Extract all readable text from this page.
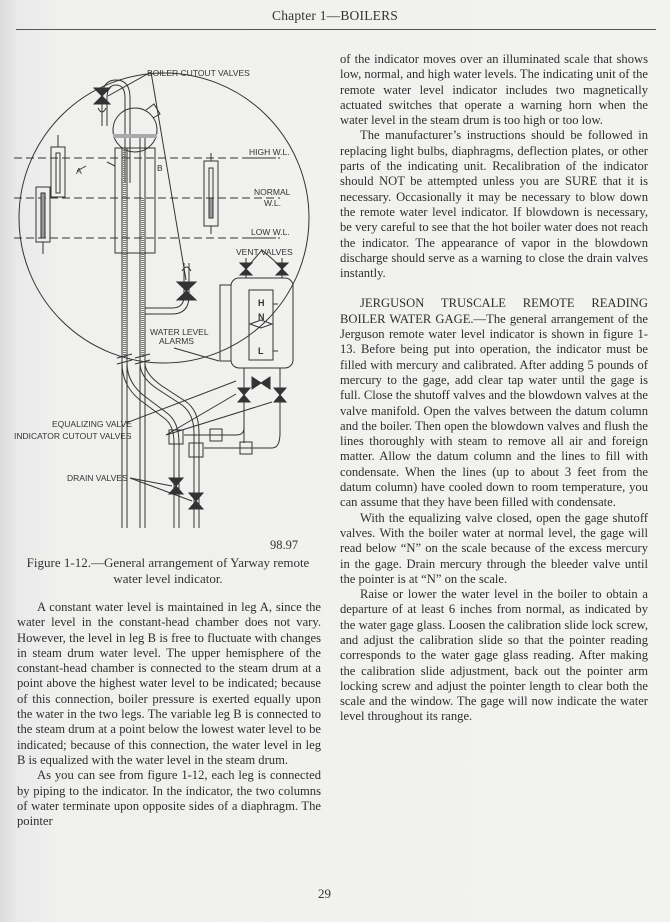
Chapter 1—BOILERS
BOILER CUTOUT VALVES
HIGH W.L.
NORMAL
W.L.
LOW W.L.
VENT VALVES
A	B
WATER LEVEL
ALARMS
H
N
L
EQUALIZING VALVE
INDICATOR CUTOUT VALVES
DRAIN VALVES
98.97
Figure 1-12.—General arrangement of Yarway remote water level indicator.

A constant water level is maintained in leg A, since the water level in the constant-head chamber does not vary. However, the level in leg B is free to fluctuate with changes in steam drum water level. The upper hemisphere of the constant-head chamber is connected to the steam drum at a point above the highest water level to be indicated; because of this connection, boiler pressure is exerted equally upon the water in the two legs. The variable leg B is connected to the steam drum at a point below the lowest water level to be indicated; because of this connection, the water level in leg B is equalized with the water level in the steam drum.

As you can see from figure 1-12, each leg is connected by piping to the indicator. In the indicator, the two columns of water terminate upon opposite sides of a diaphragm. The pointer

of the indicator moves over an illuminated scale that shows low, normal, and high water levels. The indicating unit of the remote water level indicator includes two magnetically actuated switches that operate a warning horn when the water level in the steam drum is too high or too low.

The manufacturer’s instructions should be followed in replacing light bulbs, diaphragms, deflection plates, or other parts of the indicating unit. Recalibration of the indicator should NOT be attempted unless you are SURE that it is necessary. Occasionally it may be necessary to blow down the remote water level indicator. If blowdown is necessary, be very careful to see that the hot boiler water does not reach the indicator. The appearance of vapor in the blowdown discharge should serve as a warning to close the drain valves instantly.

JERGUSON TRUSCALE REMOTE READING BOILER WATER GAGE.—The general arrangement of the Jerguson remote water level indicator is shown in figure 1-13. Before being put into operation, the indicator must be filled with mercury and calibrated. After adding 5 pounds of mercury to the gage, add clear tap water until the gage is full. Close the shutoff valves and the blowdown valves at the valve manifold. Open the valves between the datum column and the boiler. Then open the blowdown valves and flush the lines thoroughly with steam to remove all air and foreign matter. Allow the datum column and the lines to fill with condensate. When the lines (up to about 3 feet from the datum column) have cooled down to room temperature, you can assume that they have been filled with condensate.

With the equalizing valve closed, open the gage shutoff valves. With the boiler water at normal level, the gage will read below “N” on the scale because of the excess mercury in the gage. Drain mercury through the bleeder valve until the pointer is at “N” on the scale.

Raise or lower the water level in the boiler to obtain a departure of at least 6 inches from normal, as indicated by the water gage glass. Loosen the calibration slide lock screw, and adjust the calibration slide so that the pointer reading corresponds to the water gage glass reading. After making the calibration slide adjustment, back out the pointer arm locking screw and adjust the pointer length to clear both the scale and the window. The gage will now indicate the water level throughout its range.

29
